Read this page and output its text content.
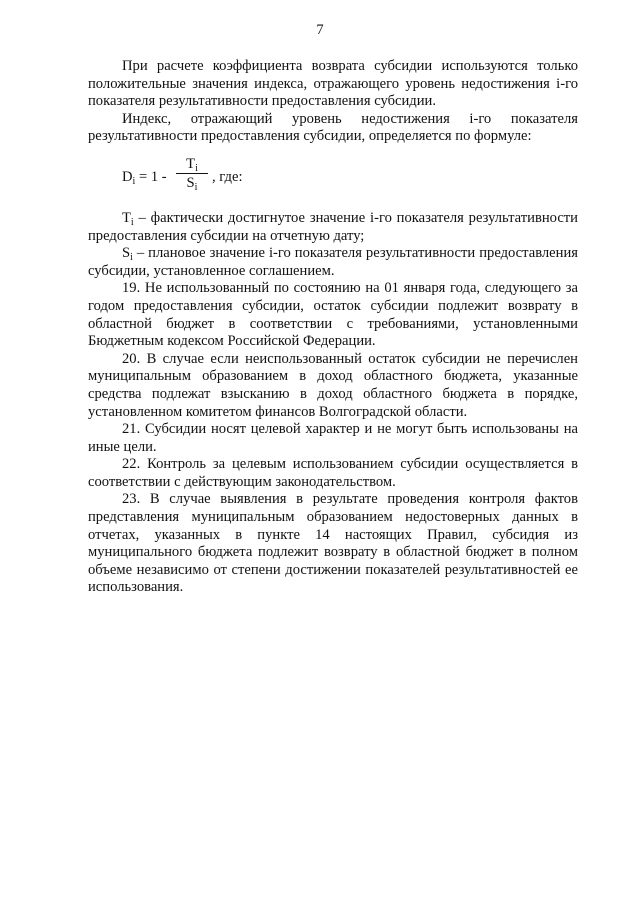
7

При расчете коэффициента возврата субсидии используются только положительные значения индекса, отражающего уровень недостижения i-го показателя результативности предоставления субсидии.

Индекс, отражающий уровень недостижения i-го показателя результативности предоставления субсидии, определяется по формуле:

$D_i = 1$ -
$T_i$
$S_i$
, где:

$T_i$ – фактически достигнутое значение i-го показателя результативности предоставления субсидии на отчетную дату;

$S_i$ – плановое значение i-го показателя результативности предоставления субсидии, установленное соглашением.

19. Не использованный по состоянию на 01 января года, следующего за годом предоставления субсидии, остаток субсидии подлежит возврату в областной бюджет в соответствии с требованиями, установленными Бюджетным кодексом Российской Федерации.

20. В случае если неиспользованный остаток субсидии не перечислен муниципальным образованием в доход областного бюджета, указанные средства подлежат взысканию в доход областного бюджета в порядке, установленном комитетом финансов Волгоградской области.

21. Субсидии носят целевой характер и не могут быть использованы на иные цели.

22. Контроль за целевым использованием субсидии осуществляется в соответствии с действующим законодательством.

23. В случае выявления в результате проведения контроля фактов представления муниципальным образованием недостоверных данных в отчетах, указанных в пункте 14 настоящих Правил, субсидия из муниципального бюджета подлежит возврату в областной бюджет в полном объеме независимо от степени достижении показателей результативностей ее использования.
